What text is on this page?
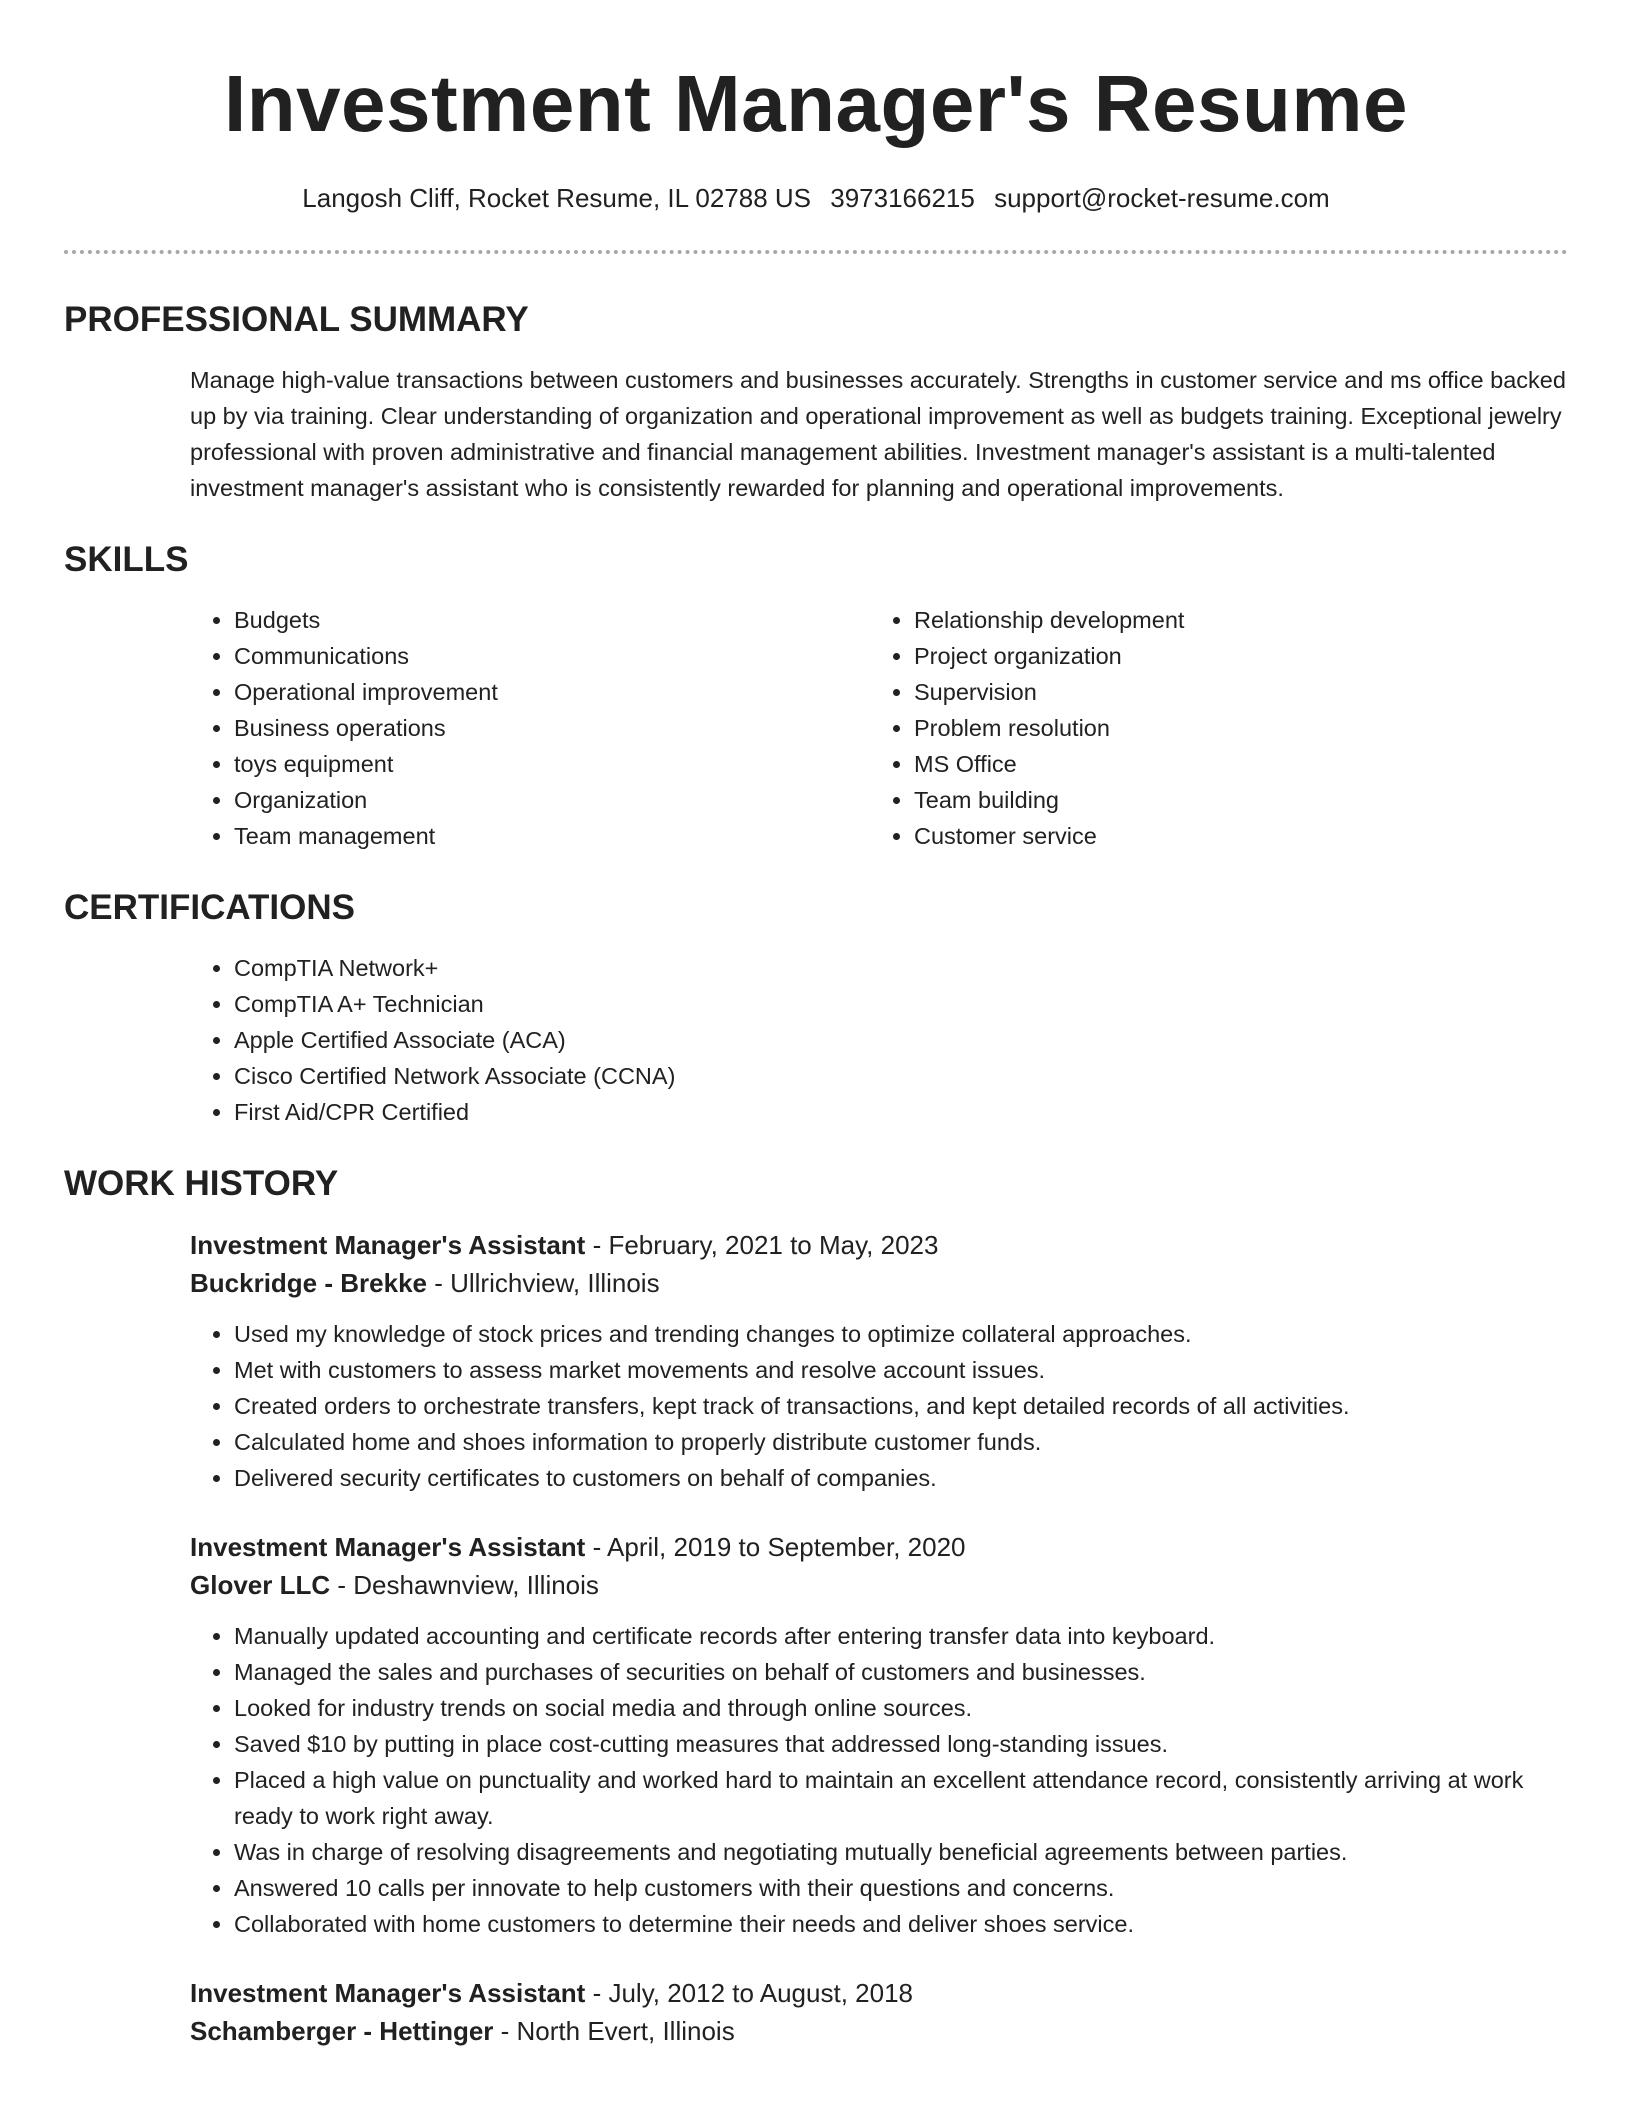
Investment Manager's Resume
Langosh Cliff, Rocket Resume, IL 02788 US 3973166215 support@rocket-resume.com
PROFESSIONAL SUMMARY

Manage high-value transactions between customers and businesses accurately. Strengths in customer service and ms office backed up by via training. Clear understanding of organization and operational improvement as well as budgets training. Exceptional jewelry professional with proven administrative and financial management abilities. Investment manager's assistant is a multi-talented investment manager's assistant who is consistently rewarded for planning and operational improvements.

SKILLS
• Budgets
• Communications
• Operational improvement
• Business operations
• toys equipment
• Organization
• Team management
• Relationship development
• Project organization
• Supervision
• Problem resolution
• MS Office
• Team building
• Customer service
CERTIFICATIONS
• CompTIA Network+
• CompTIA A+ Technician
• Apple Certified Associate (ACA)
• Cisco Certified Network Associate (CCNA)
• First Aid/CPR Certified
WORK HISTORY
Investment Manager's Assistant - February, 2021 to May, 2023
Buckridge - Brekke - Ullrichview, Illinois
• Used my knowledge of stock prices and trending changes to optimize collateral approaches.
• Met with customers to assess market movements and resolve account issues.
• Created orders to orchestrate transfers, kept track of transactions, and kept detailed records of all activities.
• Calculated home and shoes information to properly distribute customer funds.
• Delivered security certificates to customers on behalf of companies.
Investment Manager's Assistant - April, 2019 to September, 2020
Glover LLC - Deshawnview, Illinois
• Manually updated accounting and certificate records after entering transfer data into keyboard.
• Managed the sales and purchases of securities on behalf of customers and businesses.
• Looked for industry trends on social media and through online sources.
• Saved $10 by putting in place cost-cutting measures that addressed long-standing issues.
• Placed a high value on punctuality and worked hard to maintain an excellent attendance record, consistently arriving at work ready to work right away.
• Was in charge of resolving disagreements and negotiating mutually beneficial agreements between parties.
• Answered 10 calls per innovate to help customers with their questions and concerns.
• Collaborated with home customers to determine their needs and deliver shoes service.
Investment Manager's Assistant - July, 2012 to August, 2018
Schamberger - Hettinger - North Evert, Illinois
